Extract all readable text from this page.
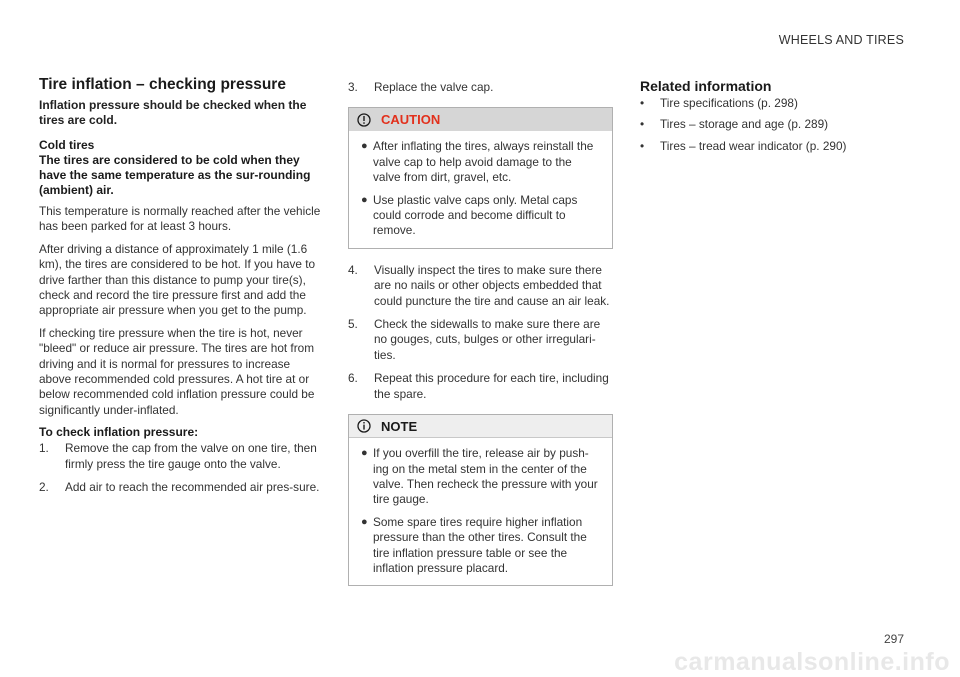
WHEELS AND TIRES
Tire inflation – checking pressure
Inflation pressure should be checked when the tires are cold.
Cold tires
The tires are considered to be cold when they have the same temperature as the sur-rounding (ambient) air.

This temperature is normally reached after the vehicle has been parked for at least 3 hours.

After driving a distance of approximately 1 mile (1.6 km), the tires are considered to be hot. If you have to drive farther than this distance to pump your tire(s), check and record the tire pressure first and add the appropriate air pressure when you get to the pump.

If checking tire pressure when the tire is hot, never "bleed" or reduce air pressure. The tires are hot from driving and it is normal for pressures to increase above recommended cold pressures. A hot tire at or below recommended cold inflation pressure could be significantly under-inflated.

To check inflation pressure:
1.	Remove the cap from the valve on one tire, then firmly press the tire gauge onto the valve.
2.	Add air to reach the recommended air pres-sure.
3.	Replace the valve cap.
CAUTION
● After inflating the tires, always reinstall the valve cap to help avoid damage to the valve from dirt, gravel, etc.
● Use plastic valve caps only. Metal caps could corrode and become difficult to remove.
4.	Visually inspect the tires to make sure there are no nails or other objects embedded that could puncture the tire and cause an air leak.
5.	Check the sidewalls to make sure there are no gouges, cuts, bulges or other irregulari-ties.
6.	Repeat this procedure for each tire, including the spare.
NOTE
● If you overfill the tire, release air by push-ing on the metal stem in the center of the valve. Then recheck the pressure with your tire gauge.
● Some spare tires require higher inflation pressure than the other tires. Consult the tire inflation pressure table or see the inflation pressure placard.
Related information
•	Tire specifications (p. 298)
•	Tires – storage and age (p. 289)
•	Tires – tread wear indicator (p. 290)
297
carmanualsonline.info
